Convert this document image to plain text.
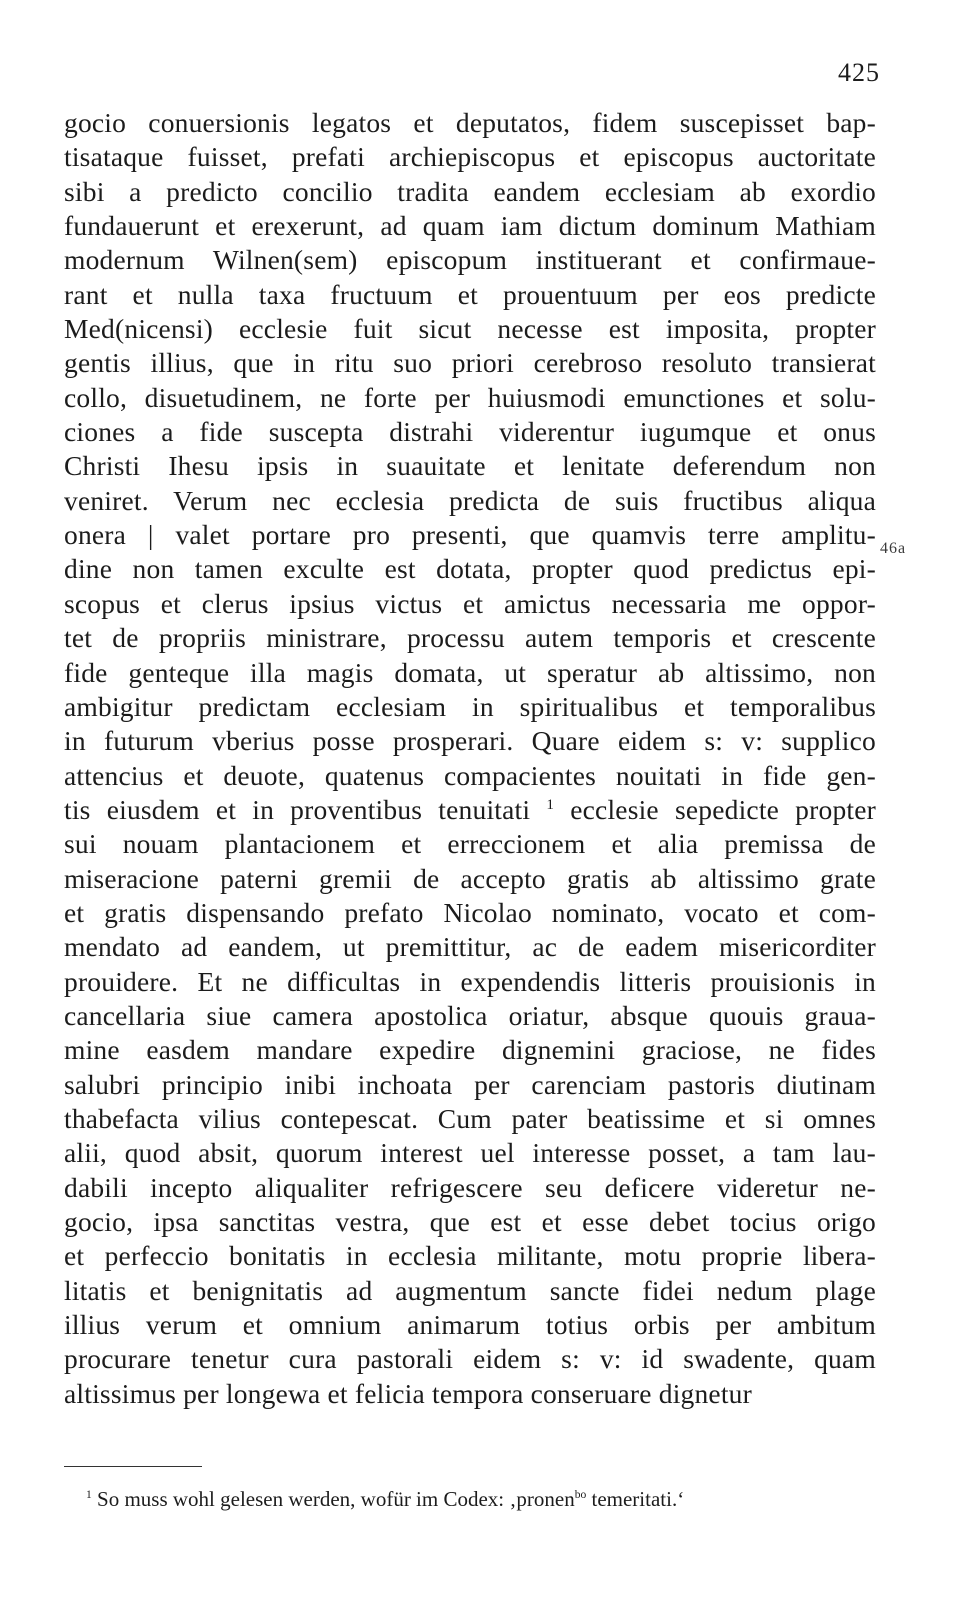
425
gocio conuersionis legatos et deputatos, fidem suscepisset bap-
tisataque fuisset, prefati archiepiscopus et episcopus auctoritate
sibi a predicto concilio tradita eandem ecclesiam ab exordio
fundauerunt et erexerunt, ad quam iam dictum dominum Mathiam
modernum Wilnen(sem) episcopum instituerant et confirmaue-
rant et nulla taxa fructuum et prouentuum per eos predicte
Med(nicensi) ecclesie fuit sicut necesse est imposita, propter
gentis illius, que in ritu suo priori cerebroso resoluto transierat
collo, disuetudinem, ne forte per huiusmodi emunctiones et solu-
ciones a fide suscepta distrahi viderentur iugumque et onus
Christi Ihesu ipsis in suauitate et lenitate deferendum non
veniret. Verum nec ecclesia predicta de suis fructibus aliqua
onera | valet portare pro presenti, que quamvis terre amplitu-
dine non tamen exculte est dotata, propter quod predictus epi-
scopus et clerus ipsius victus et amictus necessaria me oppor-
tet de propriis ministrare, processu autem temporis et crescente
fide genteque illa magis domata, ut speratur ab altissimo, non
ambigitur predictam ecclesiam in spiritualibus et temporalibus
in futurum vberius posse prosperari. Quare eidem s: v: supplico
attencius et deuote, quatenus compacientes nouitati in fide gen-
tis eiusdem et in proventibus tenuitati $^1$ ecclesie sepedicte propter
sui nouam plantacionem et erreccionem et alia premissa de
miseracione paterni gremii de accepto gratis ab altissimo grate
et gratis dispensando prefato Nicolao nominato, vocato et com-
mendato ad eandem, ut premittitur, ac de eadem misericorditer
prouidere. Et ne difficultas in expendendis litteris prouisionis in
cancellaria siue camera apostolica oriatur, absque quouis graua-
mine easdem mandare expedire dignemini graciose, ne fides
salubri principio inibi inchoata per carenciam pastoris diutinam
thabefacta vilius contepescat. Cum pater beatissime et si omnes
alii, quod absit, quorum interest uel interesse posset, a tam lau-
dabili incepto aliqualiter refrigescere seu deficere videretur ne-
gocio, ipsa sanctitas vestra, que est et esse debet tocius origo
et perfeccio bonitatis in ecclesia militante, motu proprie libera-
litatis et benignitatis ad augmentum sancte fidei nedum plage
illius verum et omnium animarum totius orbis per ambitum
procurare tenetur cura pastorali eidem s: v: id swadente, quam
altissimus per longewa et felicia tempora conseruare dignetur
46a
$^1$ So muss wohl gelesen werden, wofür im Codex: ‚pronen$^{bo}$ temeritati.‘
